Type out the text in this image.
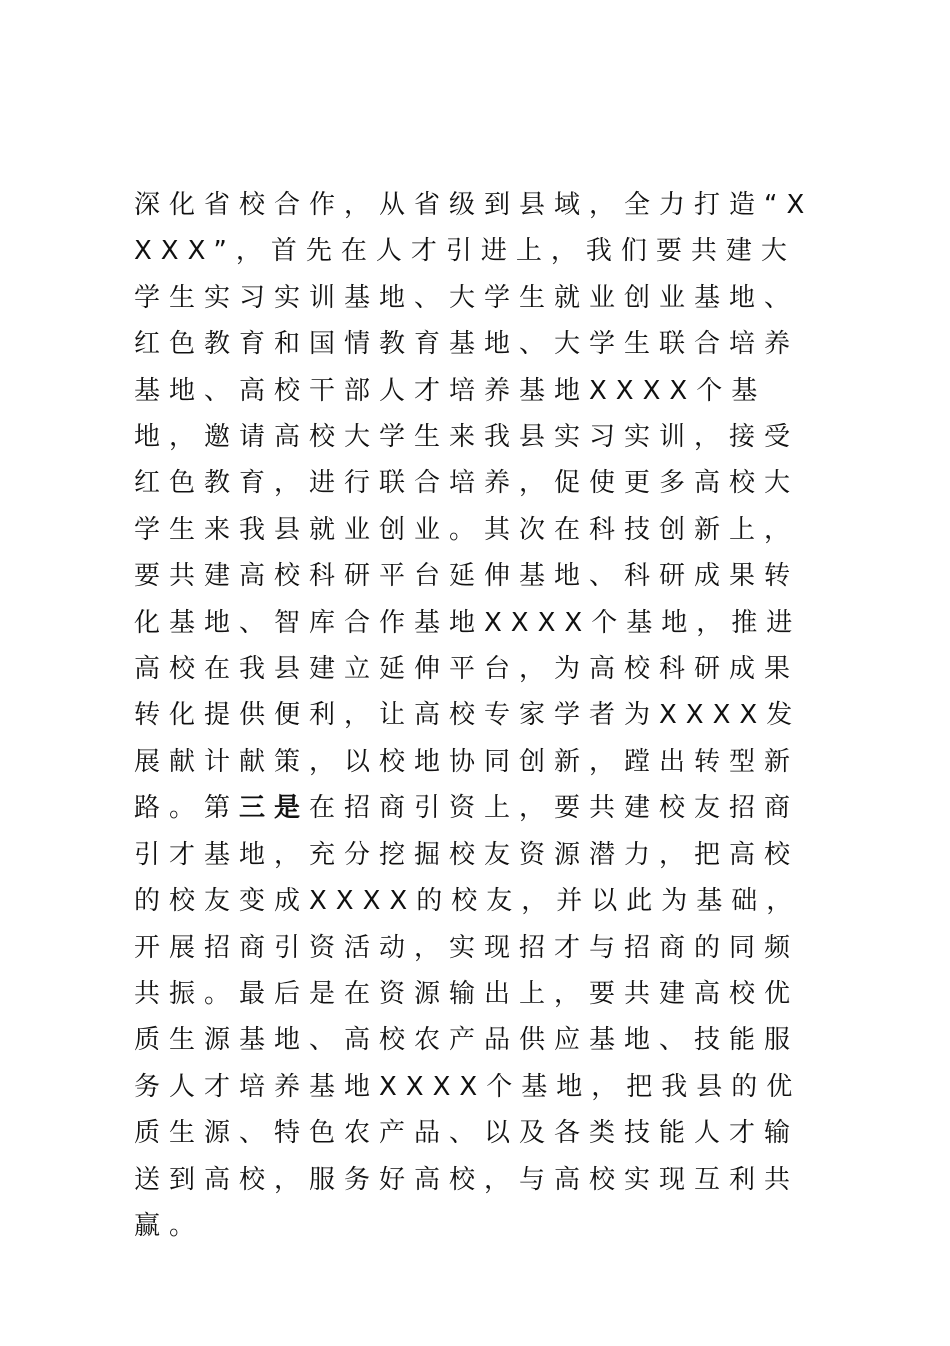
深化省校合作，从省级到县域，全力打造“XXXX”，首先在人才引进上，我们要共建大学生实习实训基地、大学生就业创业基地、红色教育和国情教育基地、大学生联合培养基地、高校干部人才培养基地XXXX个基地，邀请高校大学生来我县实习实训，接受红色教育，进行联合培养，促使更多高校大学生来我县就业创业。其次在科技创新上，要共建高校科研平台延伸基地、科研成果转化基地、智库合作基地XXXX个基地，推进高校在我县建立延伸平台，为高校科研成果转化提供便利，让高校专家学者为XXXX发展献计献策，以校地协同创新，蹚出转型新路。第三是在招商引资上，要共建校友招商引才基地，充分挖掘校友资源潜力，把高校的校友变成XXXX的校友，并以此为基础，开展招商引资活动，实现招才与招商的同频共振。最后是在资源输出上，要共建高校优质生源基地、高校农产品供应基地、技能服务人才培养基地XXXX个基地，把我县的优质生源、特色农产品、以及各类技能人才输送到高校，服务好高校，与高校实现互利共赢。
